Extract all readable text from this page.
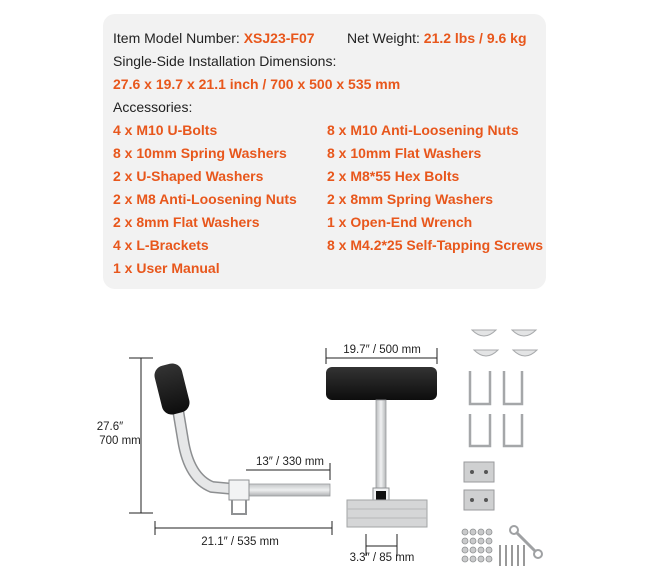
Item Model Number: XSJ23-F07 Net Weight: 21.2 lbs / 9.6 kg
Single-Side Installation Dimensions:
27.6 x 19.7 x 21.1 inch / 700 x 500 x 535 mm
Accessories:
4 x M10 U-Bolts
8 x 10mm Spring Washers
2 x U-Shaped Washers
2 x M8 Anti-Loosening Nuts
2 x 8mm Flat Washers
4 x L-Brackets
1 x User Manual
8 x M10 Anti-Loosening Nuts
8 x 10mm Flat Washers
2 x M8*55 Hex Bolts
2 x 8mm Spring Washers
1 x Open-End Wrench
8 x M4.2*25 Self-Tapping Screws
27.6″
700 mm
13″ / 330 mm
21.1″ / 535 mm
19.7″ / 500 mm
3.3″ / 85 mm
